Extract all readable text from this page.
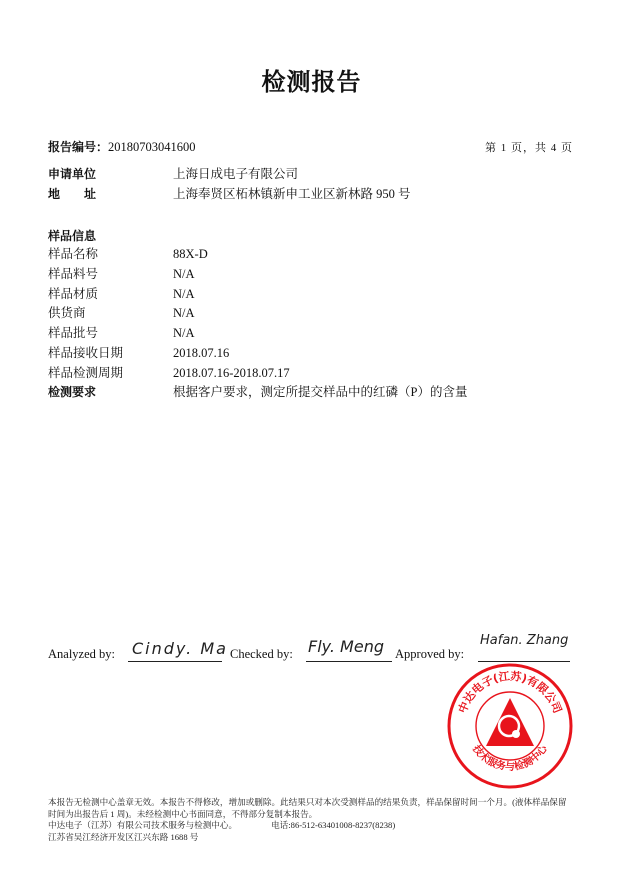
检测报告
报告编号：20180703041600	第 1 页，共 4 页
申请单位	上海日成电子有限公司
地　　址	上海奉贤区柘林镇新申工业区新林路 950 号
样品信息
样品名称	88X-D
样品料号	N/A
样品材质	N/A
供货商	N/A
样品批号	N/A
样品接收日期	2018.07.16
样品检测周期	2018.07.16-2018.07.17
检测要求	根据客户要求，测定所提交样品中的红磷（P）的含量
Analyzed by: Cindy. Ma Checked by: Fly. Meng Approved by:
Hafan. Zhang
中达电子(江苏)有限公司
技术服务与检测中心
本报告无检测中心盖章无效。本报告不得修改，增加或删除。此结果只对本次受测样品的结果负责，样品保留时间一个月。(液体样品保留
时间为出报告后 1 周)。未经检测中心书面同意，不得部分复制本报告。
中达电子（江苏）有限公司技术服务与检测中心。	电话:86-512-63401008-8237(8238)
江苏省吴江经济开发区江兴东路 1688 号
